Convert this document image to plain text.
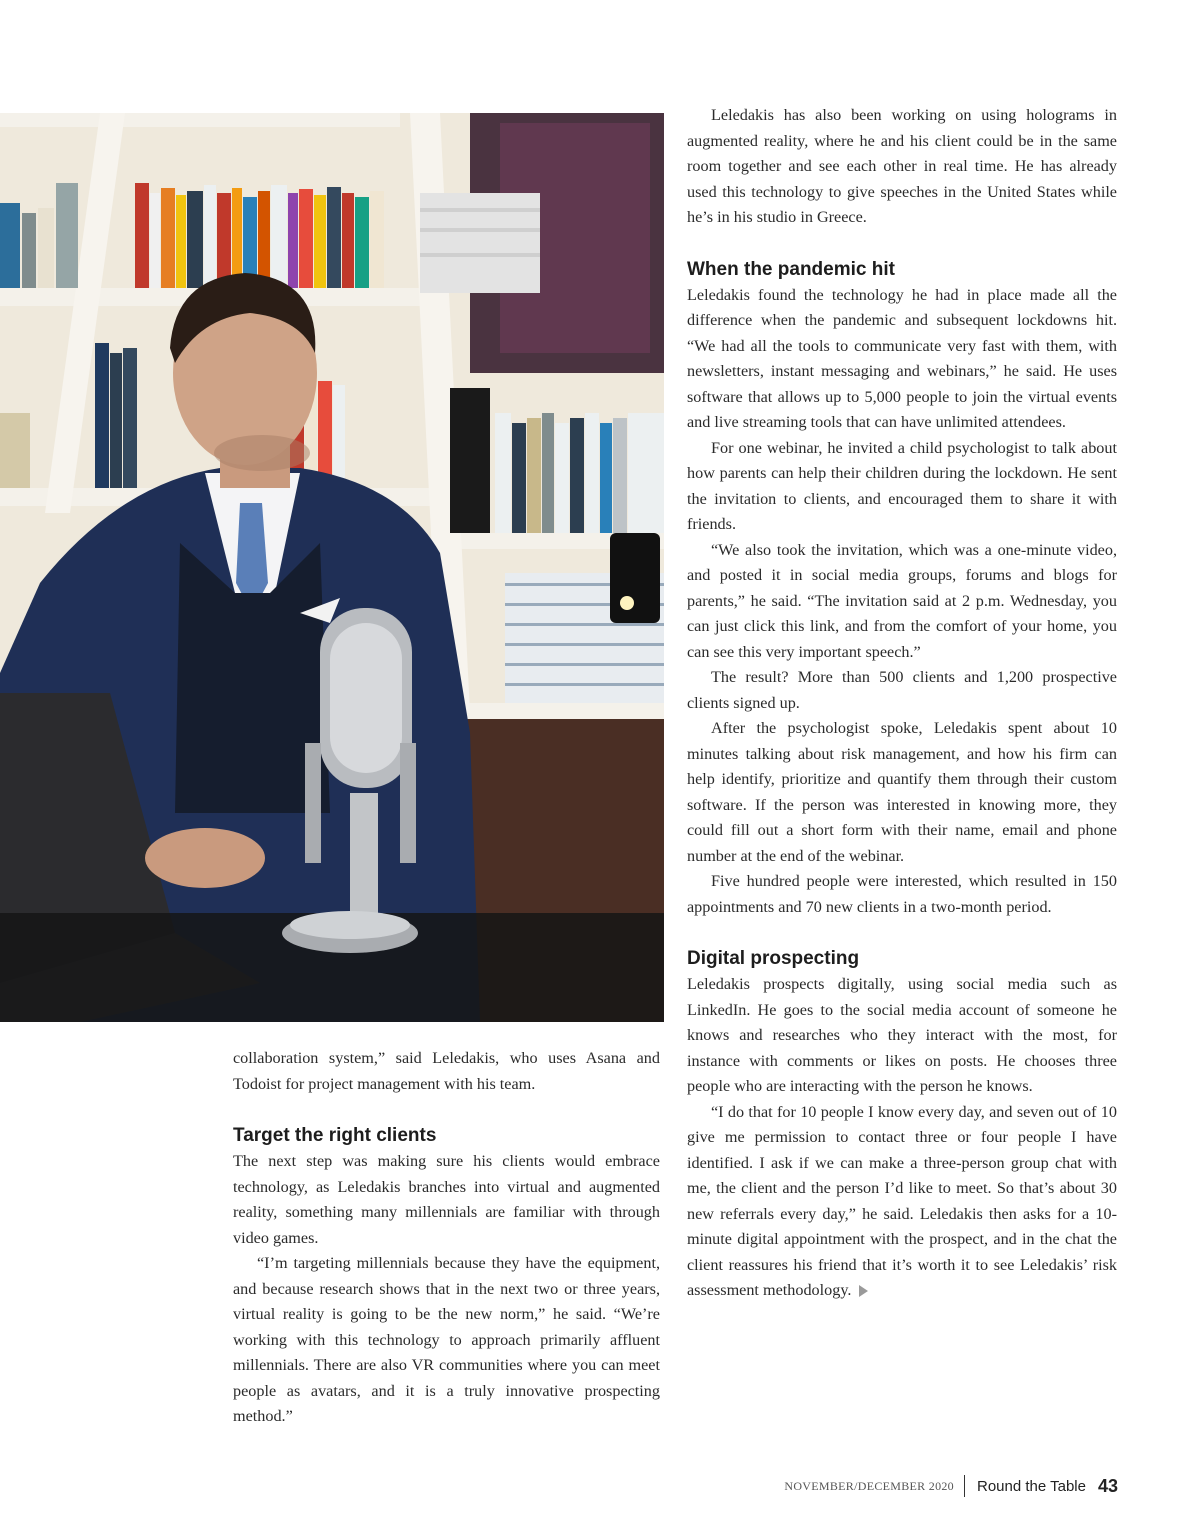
Leledakis has also been working on using holograms in augmented reality, where he and his client could be in the same room together and see each other in real time. He has already used this technology to give speeches in the United States while he’s in his studio in Greece.

When the pandemic hit

Leledakis found the technology he had in place made all the difference when the pandemic and subsequent lockdowns hit. “We had all the tools to communicate very fast with them, with newsletters, instant messaging and webinars,” he said. He uses software that allows up to 5,000 people to join the virtual events and live streaming tools that can have unlimited attendees.

For one webinar, he invited a child psychologist to talk about how parents can help their children during the lockdown. He sent the invitation to clients, and encouraged them to share it with friends.

“We also took the invitation, which was a one-minute video, and posted it in social media groups, forums and blogs for parents,” he said. “The invitation said at 2 p.m. Wednesday, you can just click this link, and from the comfort of your home, you can see this very important speech.”

The result? More than 500 clients and 1,200 prospective clients signed up.

After the psychologist spoke, Leledakis spent about 10 minutes talking about risk management, and how his firm can help identify, prioritize and quantify them through their custom software. If the person was interested in knowing more, they could fill out a short form with their name, email and phone number at the end of the webinar.

Five hundred people were interested, which resulted in 150 appointments and 70 new clients in a two-month period.

Digital prospecting

Leledakis prospects digitally, using social media such as LinkedIn. He goes to the social media account of someone he knows and researches who they interact with the most, for instance with comments or likes on posts. He chooses three people who are interacting with the person he knows.

“I do that for 10 people I know every day, and seven out of 10 give me permission to contact three or four people I have identified. I ask if we can make a three-person group chat with me, the client and the person I’d like to meet. So that’s about 30 new referrals every day,” he said. Leledakis then asks for a 10-minute digital appointment with the prospect, and in the chat the client reassures his friend that it’s worth it to see Leledakis’ risk assessment methodology.

collaboration system,” said Leledakis, who uses Asana and Todoist for project management with his team.

Target the right clients

The next step was making sure his clients would embrace technology, as Leledakis branches into virtual and augmented reality, something many millennials are familiar with through video games.

“I’m targeting millennials because they have the equipment, and because research shows that in the next two or three years, virtual reality is going to be the new norm,” he said. “We’re working with this technology to approach primarily affluent millennials. There are also VR communities where you can meet people as avatars, and it is a truly innovative prospecting method.”

NOVEMBER/DECEMBER 2020	Round the Table 43
